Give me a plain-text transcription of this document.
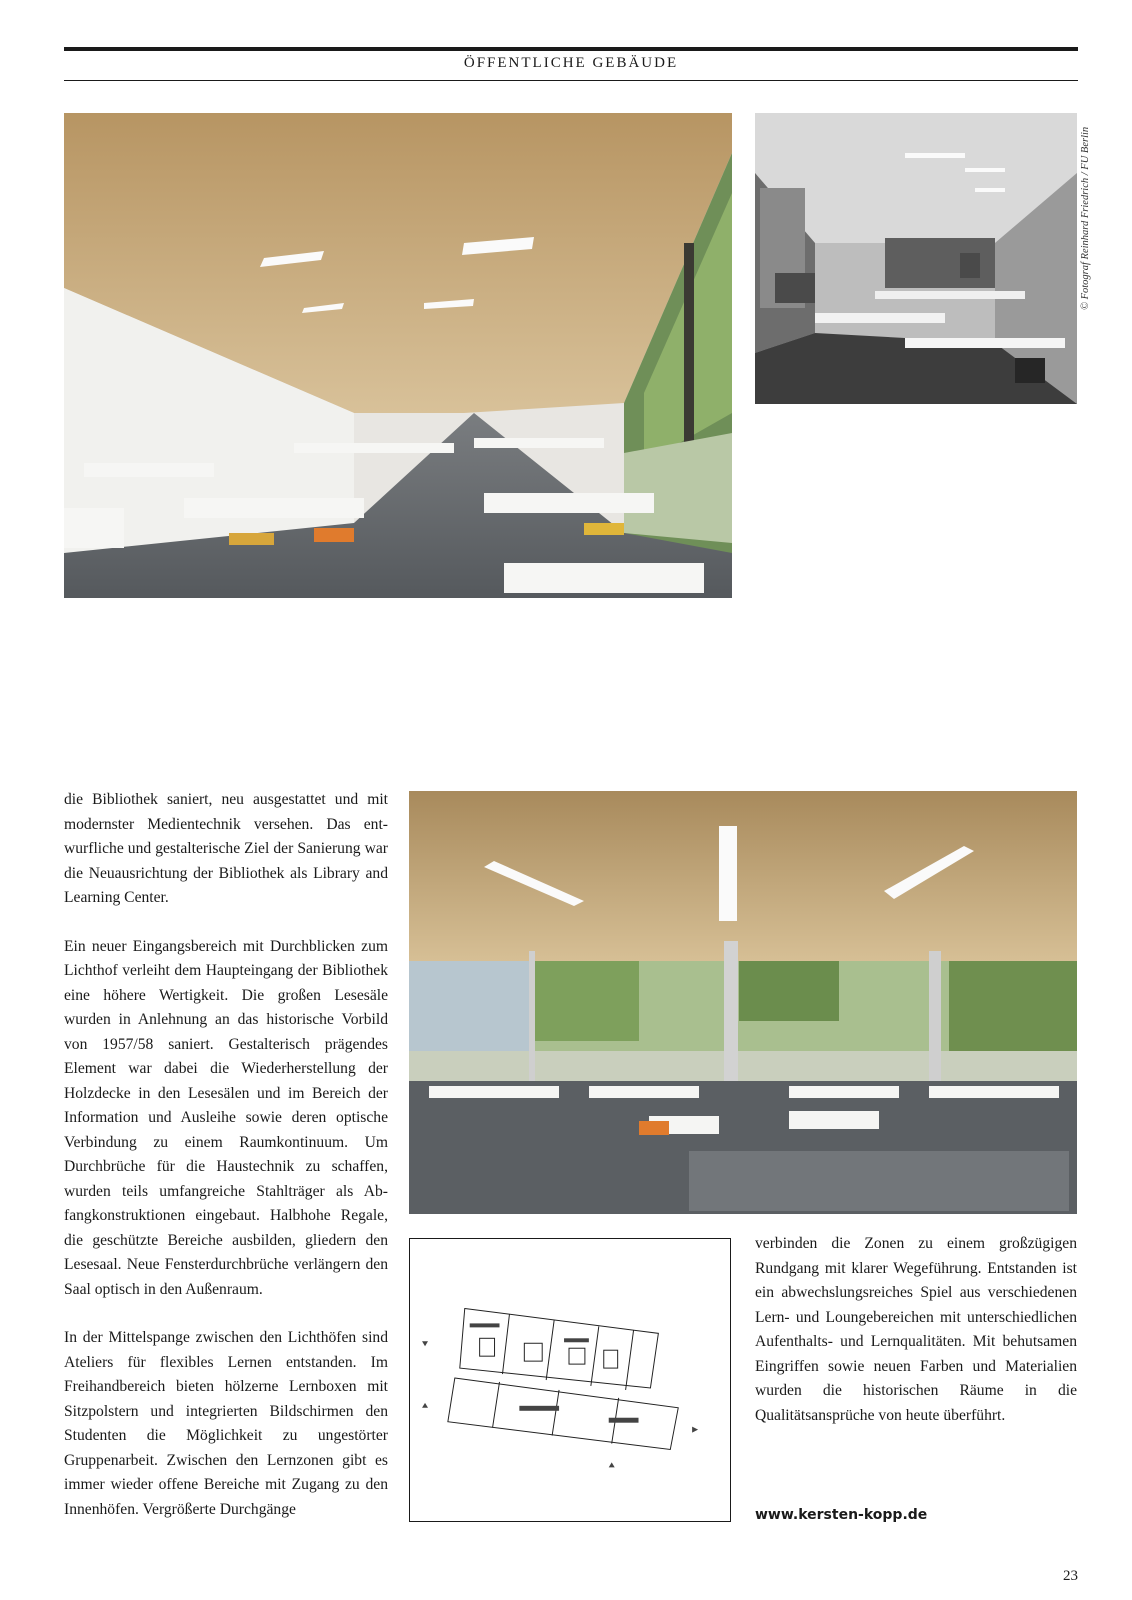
ÖFFENTLICHE GEBÄUDE
© Fotograf Reinhard Friedrich / FU Berlin

die Bibliothek saniert, neu ausgestattet und mit modernster Medientechnik versehen. Das entwurfliche und gestalterische Ziel der Sanierung war die Neuausrichtung der Bibliothek als Library and Learning Center.

Ein neuer Eingangsbereich mit Durchblicken zum Lichthof verleiht dem Haupteingang der Bibliothek eine höhere Wertigkeit. Die großen Lesesäle wurden in Anlehnung an das historische Vorbild von 1957/58 saniert. Gestalterisch prägendes Element war dabei die Wiederherstellung der Holzdecke in den Lesesälen und im Bereich der Information und Ausleihe sowie deren optische Verbindung zu einem Raumkontinuum. Um Durchbrüche für die Haustechnik zu schaffen, wurden teils umfangreiche Stahlträger als Abfangkonstruktionen eingebaut. Halbhohe Regale, die geschützte Bereiche ausbilden, gliedern den Lesesaal. Neue Fensterdurchbrüche verlängern den Saal optisch in den Außenraum.

In der Mittelspange zwischen den Lichthöfen sind Ateliers für flexibles Lernen entstanden. Im Freihandbereich bieten hölzerne Lernboxen mit Sitzpolstern und integrierten Bildschirmen den Studenten die Möglichkeit zu ungestörter Gruppenarbeit. Zwischen den Lernzonen gibt es immer wieder offene Bereiche mit Zugang zu den Innenhöfen. Vergrößerte Durchgänge

verbinden die Zonen zu einem großzügigen Rundgang mit klarer Wegeführung. Entstanden ist ein abwechslungsreiches Spiel aus verschiedenen Lern- und Loungebereichen mit unterschiedlichen Aufenthalts- und Lernqualitäten. Mit behutsamen Eingriffen sowie neuen Farben und Materialien wurden die historischen Räume in die Qualitätsansprüche von heute überführt.

www.kersten-kopp.de
23
